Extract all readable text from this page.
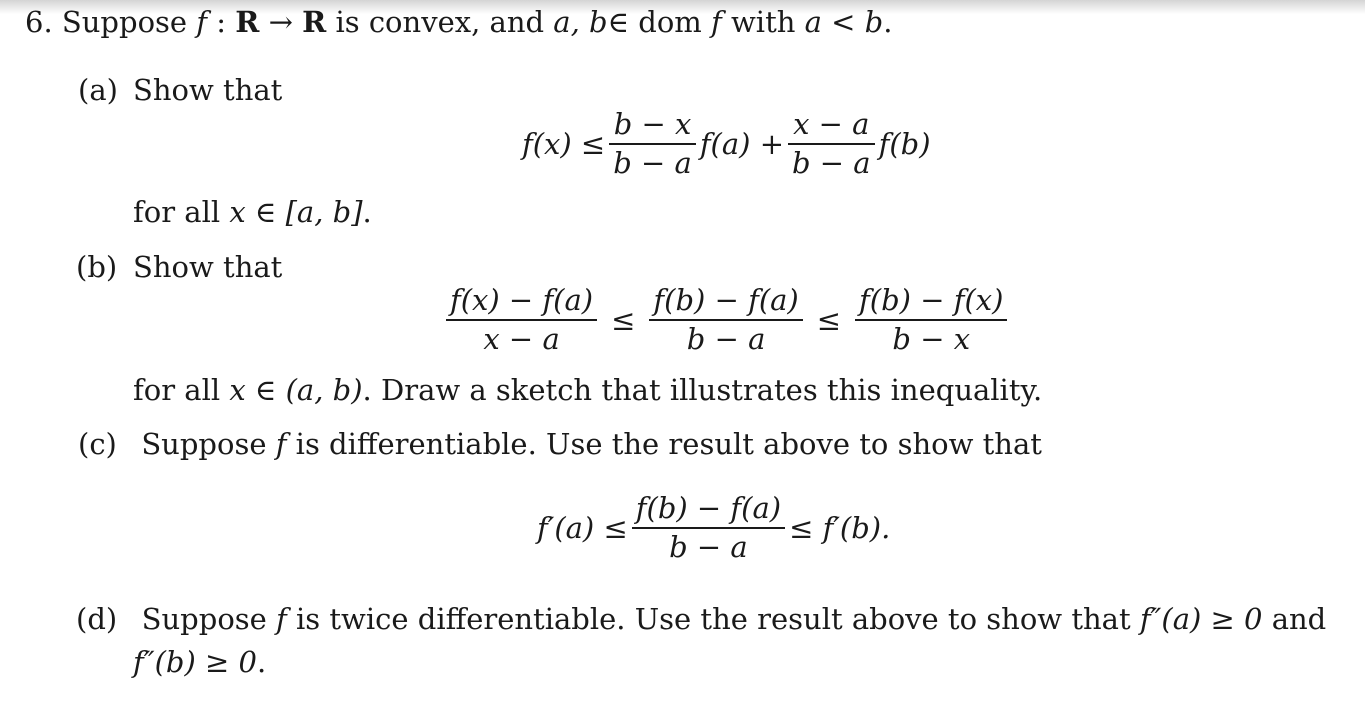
6. Suppose f : R → R is convex, and a, b∈ dom f with a < b.
(a) Show that
$f(x) \le \frac{b - x}{b - a} f(a) + \frac{x - a}{b - a} f(b)$
for all x ∈ [a, b].
(b) Show that
$\frac{f(x) - f(a)}{x - a} \le \frac{f(b) - f(a)}{b - a} \le \frac{f(b) - f(x)}{b - x}$
for all x ∈ (a, b). Draw a sketch that illustrates this inequality.
(c) Suppose f is differentiable. Use the result above to show that
$f'(a) \le \frac{f(b) - f(a)}{b - a} \le f'(b)$.
(d) Suppose f is twice differentiable. Use the result above to show that f″(a) ≥ 0 and
f″(b) ≥ 0.
